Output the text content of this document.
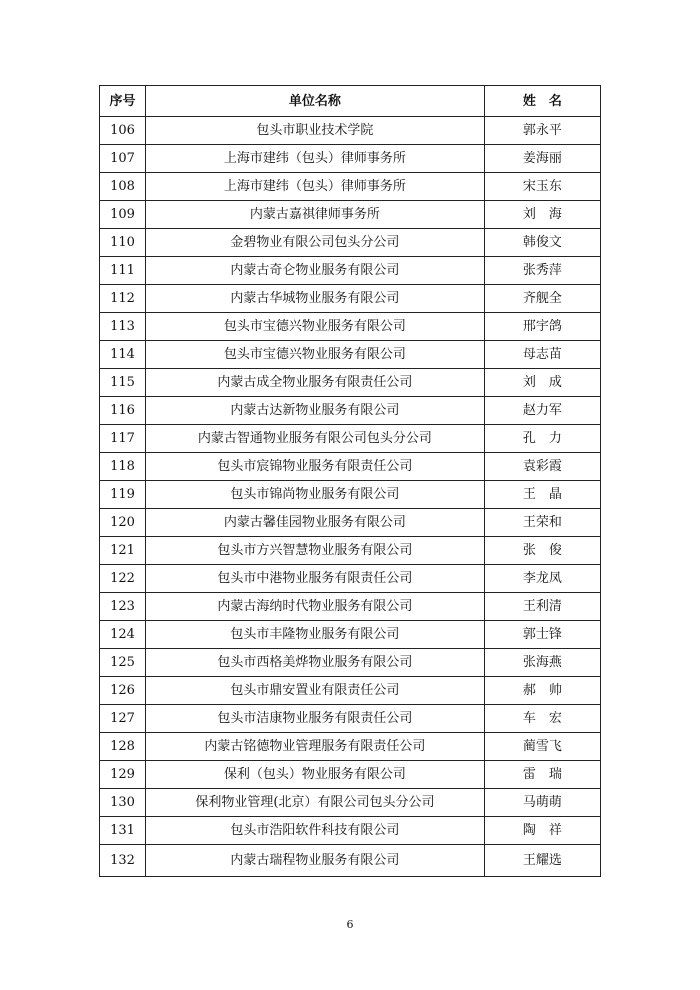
序号	单位名称	姓　名
106	包头市职业技术学院	郭永平
107	上海市建纬（包头）律师事务所	姜海丽
108	上海市建纬（包头）律师事务所	宋玉东
109	内蒙古嘉祺律师事务所	刘　海
110	金碧物业有限公司包头分公司	韩俊文
111	内蒙古奇仑物业服务有限公司	张秀萍
112	内蒙古华城物业服务有限公司	齐舰全
113	包头市宝德兴物业服务有限公司	邢宇鸽
114	包头市宝德兴物业服务有限公司	母志苗
115	内蒙古成全物业服务有限责任公司	刘　成
116	内蒙古达新物业服务有限公司	赵力军
117	内蒙古智通物业服务有限公司包头分公司	孔　力
118	包头市宸锦物业服务有限责任公司	袁彩霞
119	包头市锦尚物业服务有限公司	王　晶
120	内蒙古馨佳园物业服务有限公司	王荣和
121	包头市方兴智慧物业服务有限公司	张　俊
122	包头市中港物业服务有限责任公司	李龙凤
123	内蒙古海纳时代物业服务有限公司	王利清
124	包头市丰隆物业服务有限公司	郭士锋
125	包头市西格美烨物业服务有限公司	张海燕
126	包头市鼎安置业有限责任公司	郝　帅
127	包头市洁康物业服务有限责任公司	车　宏
128	内蒙古铭德物业管理服务有限责任公司	蔺雪飞
129	保利（包头）物业服务有限公司	雷　瑞
130	保利物业管理(北京）有限公司包头分公司	马萌萌
131	包头市浩阳软件科技有限公司	陶　祥
132	内蒙古瑞程物业服务有限公司	王耀选
6
